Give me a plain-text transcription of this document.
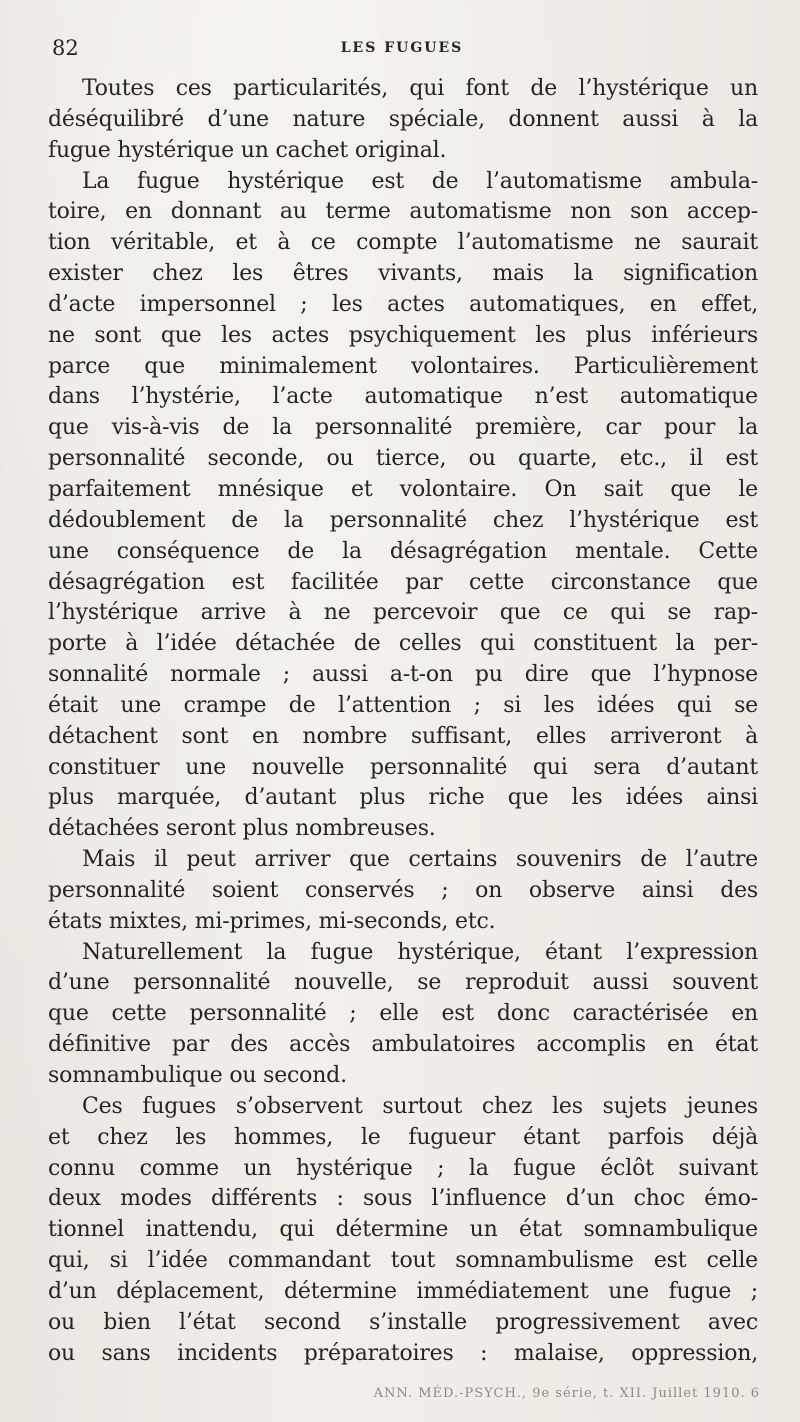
82	LES FUGUES
Toutes ces particularités, qui font de l’hystérique un
déséquilibré d’une nature spéciale, donnent aussi à la
fugue hystérique un cachet original.
La fugue hystérique est de l’automatisme ambula-
toire, en donnant au terme automatisme non son accep-
tion véritable, et à ce compte l’automatisme ne saurait
exister chez les êtres vivants, mais la signification
d’acte impersonnel ; les actes automatiques, en effet,
ne sont que les actes psychiquement les plus inférieurs
parce que minimalement volontaires. Particulièrement
dans l’hystérie, l’acte automatique n’est automatique
que vis-à-vis de la personnalité première, car pour la
personnalité seconde, ou tierce, ou quarte, etc., il est
parfaitement mnésique et volontaire. On sait que le
dédoublement de la personnalité chez l’hystérique est
une conséquence de la désagrégation mentale. Cette
désagrégation est facilitée par cette circonstance que
l’hystérique arrive à ne percevoir que ce qui se rap-
porte à l’idée détachée de celles qui constituent la per-
sonnalité normale ; aussi a-t-on pu dire que l’hypnose
était une crampe de l’attention ; si les idées qui se
détachent sont en nombre suffisant, elles arriveront à
constituer une nouvelle personnalité qui sera d’autant
plus marquée, d’autant plus riche que les idées ainsi
détachées seront plus nombreuses.
Mais il peut arriver que certains souvenirs de l’autre
personnalité soient conservés ; on observe ainsi des
états mixtes, mi-primes, mi-seconds, etc.
Naturellement la fugue hystérique, étant l’expression
d’une personnalité nouvelle, se reproduit aussi souvent
que cette personnalité ; elle est donc caractérisée en
définitive par des accès ambulatoires accomplis en état
somnambulique ou second.
Ces fugues s’observent surtout chez les sujets jeunes
et chez les hommes, le fugueur étant parfois déjà
connu comme un hystérique ; la fugue éclôt suivant
deux modes différents : sous l’influence d’un choc émo-
tionnel inattendu, qui détermine un état somnambulique
qui, si l’idée commandant tout somnambulisme est celle
d’un déplacement, détermine immédiatement une fugue ;
ou bien l’état second s’installe progressivement avec
ou sans incidents préparatoires : malaise, oppression,
ANN. MÉD.-PSYCH., 9e série, t. XII. Juillet 1910. 6
